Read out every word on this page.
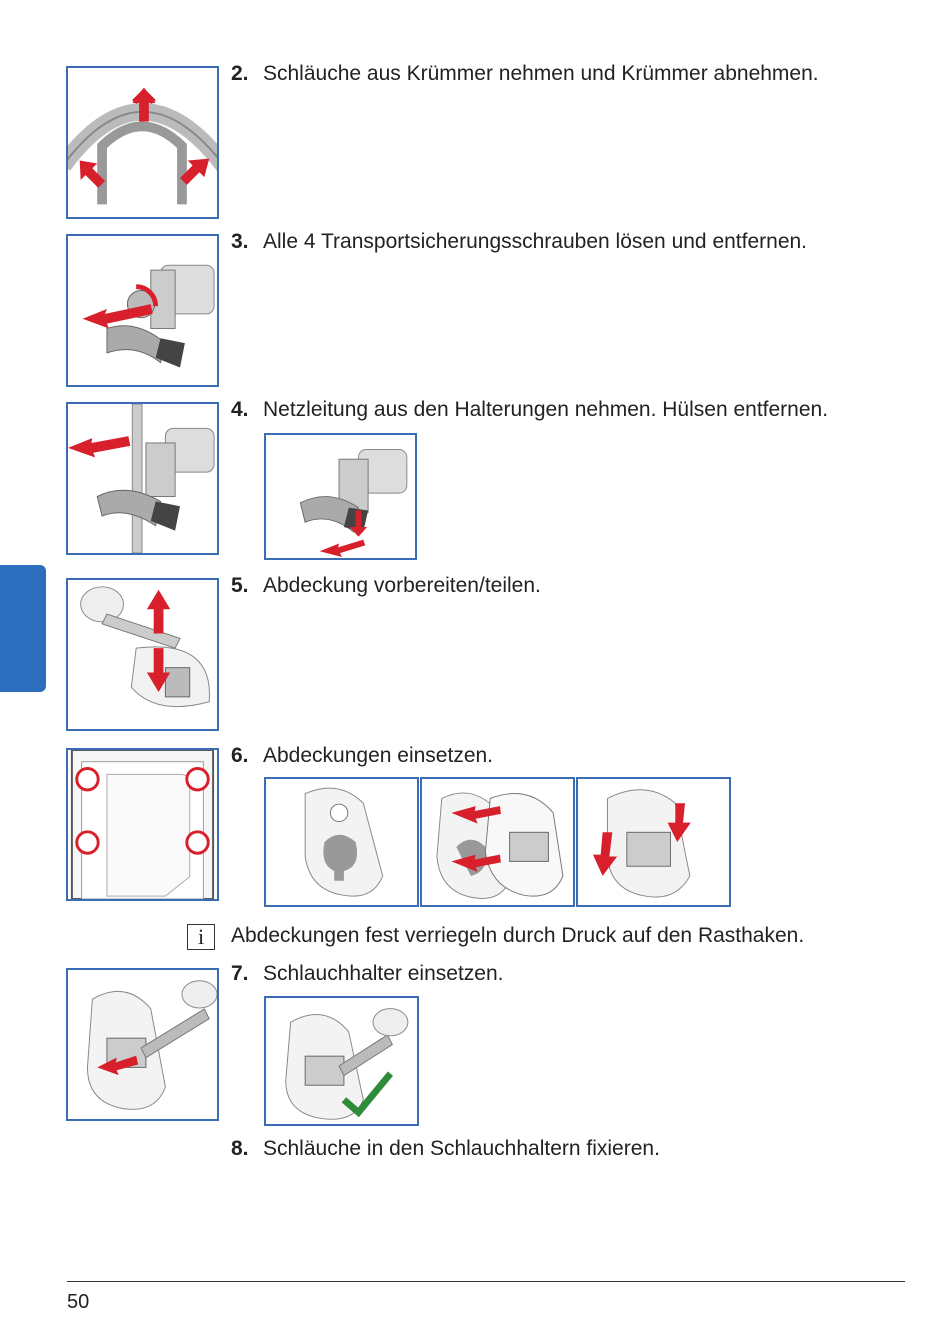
2. Schläuche aus Krümmer nehmen und Krümmer abnehmen.
3. Alle 4 Transportsicherungsschrauben lösen und entfernen.
4. Netzleitung aus den Halterungen nehmen. Hülsen entfernen.
5. Abdeckung vorbereiten/teilen.
6. Abdeckungen einsetzen.
i	Abdeckungen fest verriegeln durch Druck auf den Rasthaken.
7. Schlauchhalter einsetzen.
8. Schläuche in den Schlauchhaltern fixieren.
50
